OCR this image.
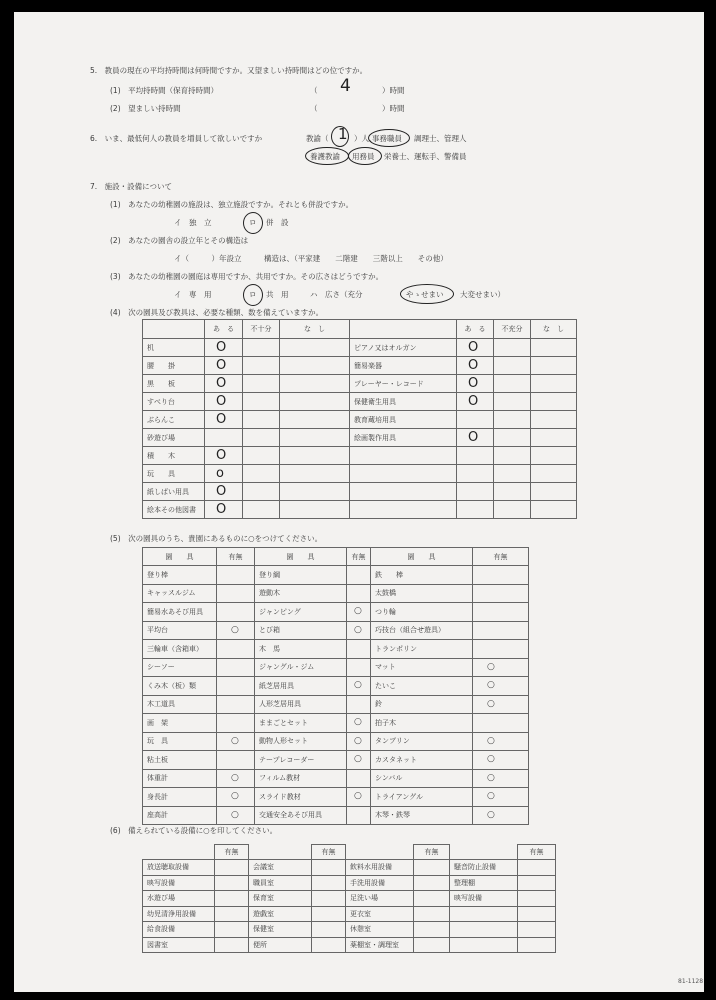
5.　教員の現在の平均持時間は何時間ですか。又望ましい持時間はどの位ですか。
(1)　平均持時間（保育持時間）	（ 4	）時間
(2)　望ましい持時間	（	）時間
6.　いま、最低何人の教員を増員して欲しいですか	教諭（ 1 ）人、
事務職員 調理士、管理人
養護教諭 用務員 栄養士、運転手、警備員
7.　施設・設備について
(1)　あなたの幼稚園の施設は、独立施設ですか。それとも併設ですか。
イ　独　立	ロ 併　設
(2)　あなたの園舎の設立年とその構造は
イ（　　　）年設立　　　構造は、（平家建　　二階建　　三階以上　　その他）
(3)　あなたの幼稚園の園庭は専用ですか、共用ですか。その広さはどうですか。
イ　専　用	ロ 共　用	ハ　広さ（充分	やゝせまい 大変せまい）
(4)　次の園具及び教具は、必要な種類、数を備えていますか。
	あ　る	不十分	な　し		あ　る	不充分	な　し
机	O			ピアノ又はオルガン	O		

腰　　掛	O			簡易楽器	O		

黒　　板	O			プレーヤー・レコード	O		

すべり台	O			保健衛生用具	O		

ぶらんこ	O			教育蔵培用具			
砂遊び場				絵画製作用具	O		

積　　木	O						

玩　　具	o						

紙しばい用具	O						

絵本その他図書	O						

(5)　次の園具のうち、貴園にあるものに○をつけてください。
園　　具	有無	園　　具	有無	園　　具	有無
登り棒		登り綱		鉄　　棒	
キャッスルジム		遊動木		太鼓橋	
簡易水あそび用具		ジャンピング	○	つり輪	
平均台	○	とび箱	○	巧技台（組合せ遊具）	
三輪車（含箱車）		木　馬		トランポリン	
シーソー		ジャングル・ジム		マット	○

くみ木（板）類		紙芝居用具	○	たいこ	○

木工道具		人形芝居用具		鈴	○

画　架		ままごとセット	○	拍子木	
玩　具	○	動物人形セット	○	タンブリン	○

粘土板		テープレコーダー	○	カスタネット	○

体重計	○	フィルム教材		シンバル	○

身長計	○	スライド教材	○	トライアングル	○

座高計	○	交通安全あそび用具		木琴・鉄琴	○
(6)　備えられている設備に○を印してください。
	有無		有無		有無		有無
放送聴取設備		会議室		飲料水用設備		騒音防止設備	
映写設備		職員室		手洗用設備		整理棚	
水遊び場		保育室		足洗い場		映写設備	
幼児清浄用設備		遊戯室		更衣室			
給食設備		保健室		休憩室			
図書室		便所		薬棚室・調理室			
81-1128
